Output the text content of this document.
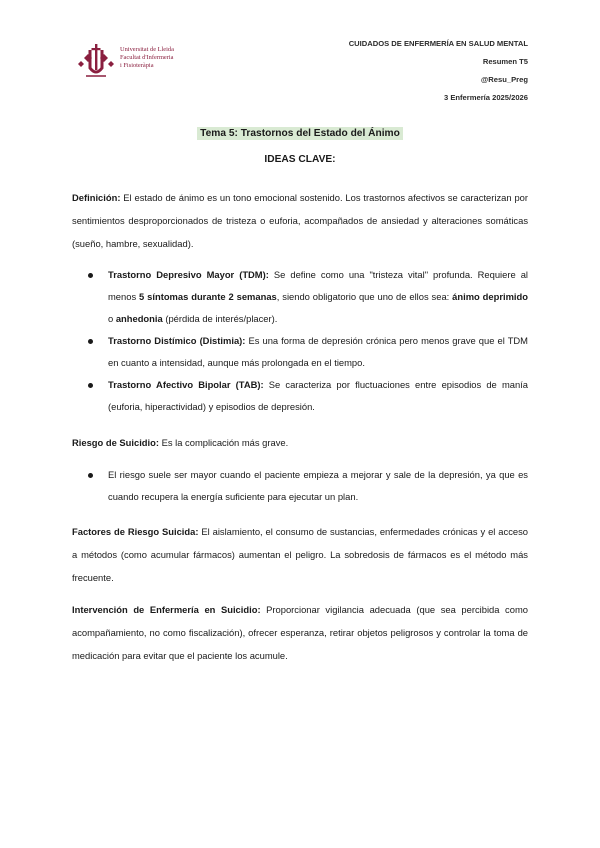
Universitat de Lleida
Facultat d'Infermeria
i Fisioteràpia
CUIDADOS DE ENFERMERÍA EN SALUD MENTAL
Resumen T5
@Resu_Preg
3 Enfermería 2025/2026
Tema 5: Trastornos del Estado del Ánimo
IDEAS CLAVE:
Definición: El estado de ánimo es un tono emocional sostenido. Los trastornos afectivos se caracterizan por sentimientos desproporcionados de tristeza o euforia, acompañados de ansiedad y alteraciones somáticas (sueño, hambre, sexualidad).
Trastorno Depresivo Mayor (TDM): Se define como una "tristeza vital" profunda. Requiere al menos 5 síntomas durante 2 semanas, siendo obligatorio que uno de ellos sea: ánimo deprimido o anhedonia (pérdida de interés/placer).
Trastorno Distímico (Distimia): Es una forma de depresión crónica pero menos grave que el TDM en cuanto a intensidad, aunque más prolongada en el tiempo.
Trastorno Afectivo Bipolar (TAB): Se caracteriza por fluctuaciones entre episodios de manía (euforia, hiperactividad) y episodios de depresión.
Riesgo de Suicidio: Es la complicación más grave.
El riesgo suele ser mayor cuando el paciente empieza a mejorar y sale de la depresión, ya que es cuando recupera la energía suficiente para ejecutar un plan.
Factores de Riesgo Suicida: El aislamiento, el consumo de sustancias, enfermedades crónicas y el acceso a métodos (como acumular fármacos) aumentan el peligro. La sobredosis de fármacos es el método más frecuente.
Intervención de Enfermería en Suicidio: Proporcionar vigilancia adecuada (que sea percibida como acompañamiento, no como fiscalización), ofrecer esperanza, retirar objetos peligrosos y controlar la toma de medicación para evitar que el paciente los acumule.
